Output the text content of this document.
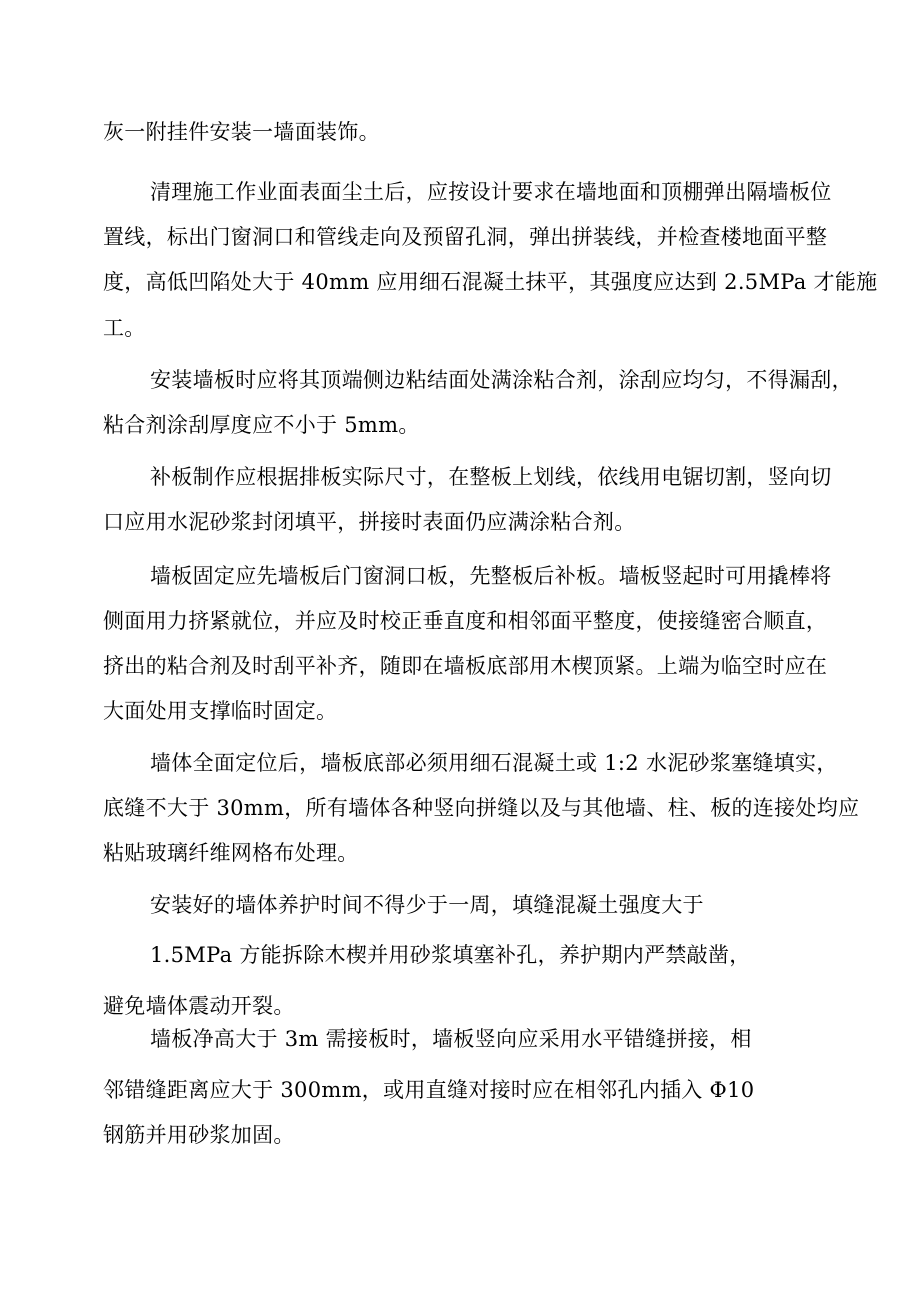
灰一附挂件安装一墙面装饰。
清理施工作业面表面尘土后，应按设计要求在墙地面和顶棚弹出隔墙板位
置线，标出门窗洞口和管线走向及预留孔洞，弹出拼装线，并检查楼地面平整
度，高低凹陷处大于 40mm 应用细石混凝土抹平，其强度应达到 2.5MPa 才能施
工。
安装墙板时应将其顶端侧边粘结面处满涂粘合剂，涂刮应均匀，不得漏刮，
粘合剂涂刮厚度应不小于 5mm。
补板制作应根据排板实际尺寸，在整板上划线，依线用电锯切割，竖向切
口应用水泥砂浆封闭填平，拼接时表面仍应满涂粘合剂。
墙板固定应先墙板后门窗洞口板，先整板后补板。墙板竖起时可用撬棒将
侧面用力挤紧就位，并应及时校正垂直度和相邻面平整度，使接缝密合顺直，
挤出的粘合剂及时刮平补齐，随即在墙板底部用木楔顶紧。上端为临空时应在
大面处用支撑临时固定。
墙体全面定位后，墙板底部必须用细石混凝土或 1:2 水泥砂浆塞缝填实，
底缝不大于 30mm，所有墙体各种竖向拼缝以及与其他墙、柱、板的连接处均应
粘贴玻璃纤维网格布处理。
安装好的墙体养护时间不得少于一周，填缝混凝土强度大于
1.5MPa 方能拆除木楔并用砂浆填塞补孔，养护期内严禁敲凿，
避免墙体震动开裂。
墙板净高大于 3m 需接板时，墙板竖向应采用水平错缝拼接，相
邻错缝距离应大于 300mm，或用直缝对接时应在相邻孔内插入 Φ10
钢筋并用砂浆加固。
